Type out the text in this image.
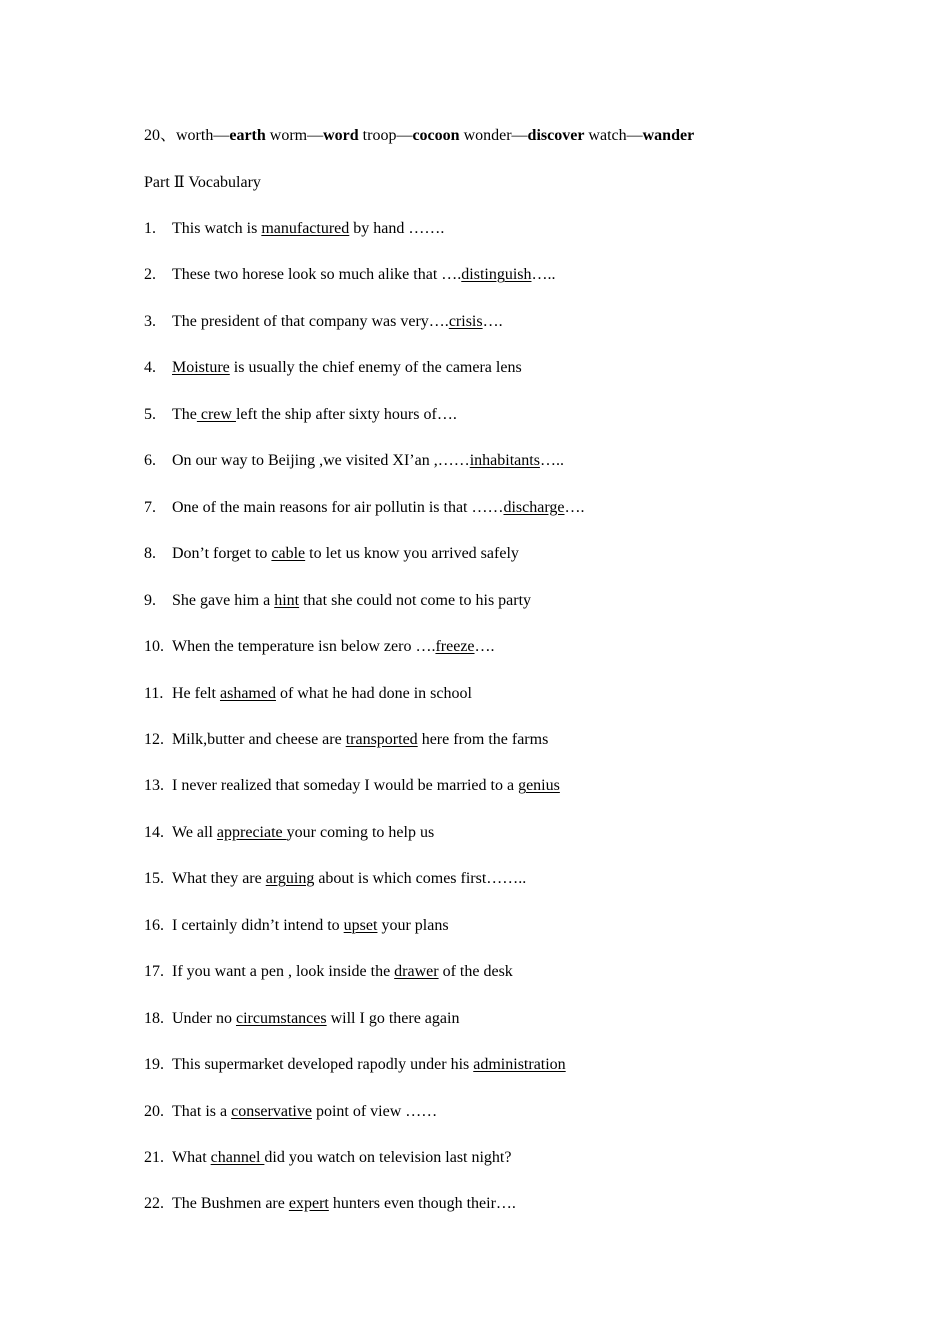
20、worth—earth worm—word troop—cocoon wonder—discover watch—wander
Part Ⅱ Vocabulary
1. This watch is manufactured by hand …….
2. These two horese look so much alike that ….distinguish…..
3. The president of that company was very….crisis….
4. Moisture is usually the chief enemy of the camera lens
5. The crew left the ship after sixty hours of….
6. On our way to Beijing ,we visited XI’an ,……inhabitants…..
7. One of the main reasons for air pollutin is that ……discharge….
8. Don’t forget to cable to let us know you arrived safely
9. She gave him a hint that she could not come to his party
10. When the temperature isn below zero ….freeze….
11. He felt ashamed of what he had done in school
12. Milk,butter and cheese are transported here from the farms
13. I never realized that someday I would be married to a genius
14. We all appreciate your coming to help us
15. What they are arguing about is which comes first……..
16. I certainly didn’t intend to upset your plans
17. If you want a pen , look inside the drawer of the desk
18. Under no circumstances will I go there again
19. This supermarket developed rapodly under his administration
20. That is a conservative point of view ……
21. What channel did you watch on television last night?
22. The Bushmen are expert hunters even though their….
